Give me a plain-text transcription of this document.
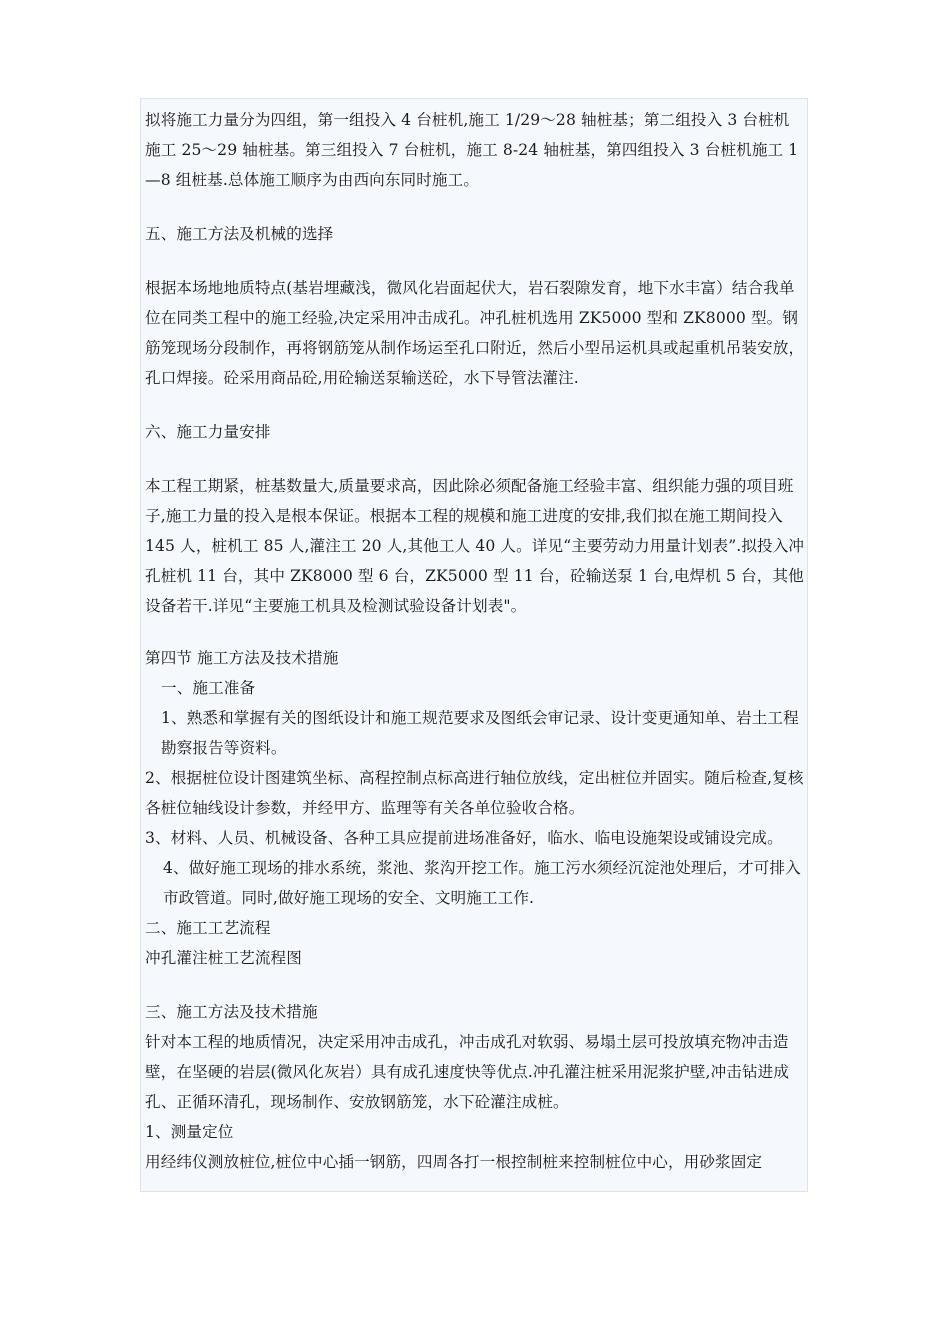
拟将施工力量分为四组，第一组投入 4 台桩机,施工 1/29～28 轴桩基；第二组投入 3 台桩机施工 25～29 轴桩基。第三组投入 7 台桩机，施工 8-24 轴桩基，第四组投入 3 台桩机施工 1—8 组桩基.总体施工顺序为由西向东同时施工。

五、施工方法及机械的选择

根据本场地地质特点(基岩埋藏浅，微风化岩面起伏大，岩石裂隙发育，地下水丰富）结合我单位在同类工程中的施工经验,决定采用冲击成孔。冲孔桩机选用 ZK5000 型和 ZK8000 型。钢筋笼现场分段制作，再将钢筋笼从制作场运至孔口附近，然后小型吊运机具或起重机吊装安放，孔口焊接。砼采用商品砼,用砼输送泵输送砼，水下导管法灌注.

六、施工力量安排

本工程工期紧，桩基数量大,质量要求高，因此除必须配备施工经验丰富、组织能力强的项目班子,施工力量的投入是根本保证。根据本工程的规模和施工进度的安排,我们拟在施工期间投入 145 人，桩机工 85 人,灌注工 20 人,其他工人 40 人。详见“主要劳动力用量计划表”.拟投入冲孔桩机 11 台，其中 ZK8000 型 6 台，ZK5000 型 11 台，砼输送泵 1 台,电焊机 5 台，其他设备若干.详见“主要施工机具及检测试验设备计划表"。

第四节 施工方法及技术措施

一、施工准备

1、熟悉和掌握有关的图纸设计和施工规范要求及图纸会审记录、设计变更通知单、岩土工程勘察报告等资料。

2、根据桩位设计图建筑坐标、高程控制点标高进行轴位放线，定出桩位并固实。随后检查,复核各桩位轴线设计参数，并经甲方、监理等有关各单位验收合格。

3、材料、人员、机械设备、各种工具应提前进场准备好，临水、临电设施架设或铺设完成。

4、做好施工现场的排水系统，浆池、浆沟开挖工作。施工污水须经沉淀池处理后，才可排入市政管道。同时,做好施工现场的安全、文明施工工作.

二、施工工艺流程

冲孔灌注桩工艺流程图

三、施工方法及技术措施

针对本工程的地质情况，决定采用冲击成孔，冲击成孔对软弱、易塌土层可投放填充物冲击造壁，在坚硬的岩层(微风化灰岩）具有成孔速度快等优点.冲孔灌注桩采用泥浆护壁,冲击钻进成孔、正循环清孔，现场制作、安放钢筋笼，水下砼灌注成桩。

1、测量定位

用经纬仪测放桩位,桩位中心插一钢筋，四周各打一根控制桩来控制桩位中心，用砂浆固定
